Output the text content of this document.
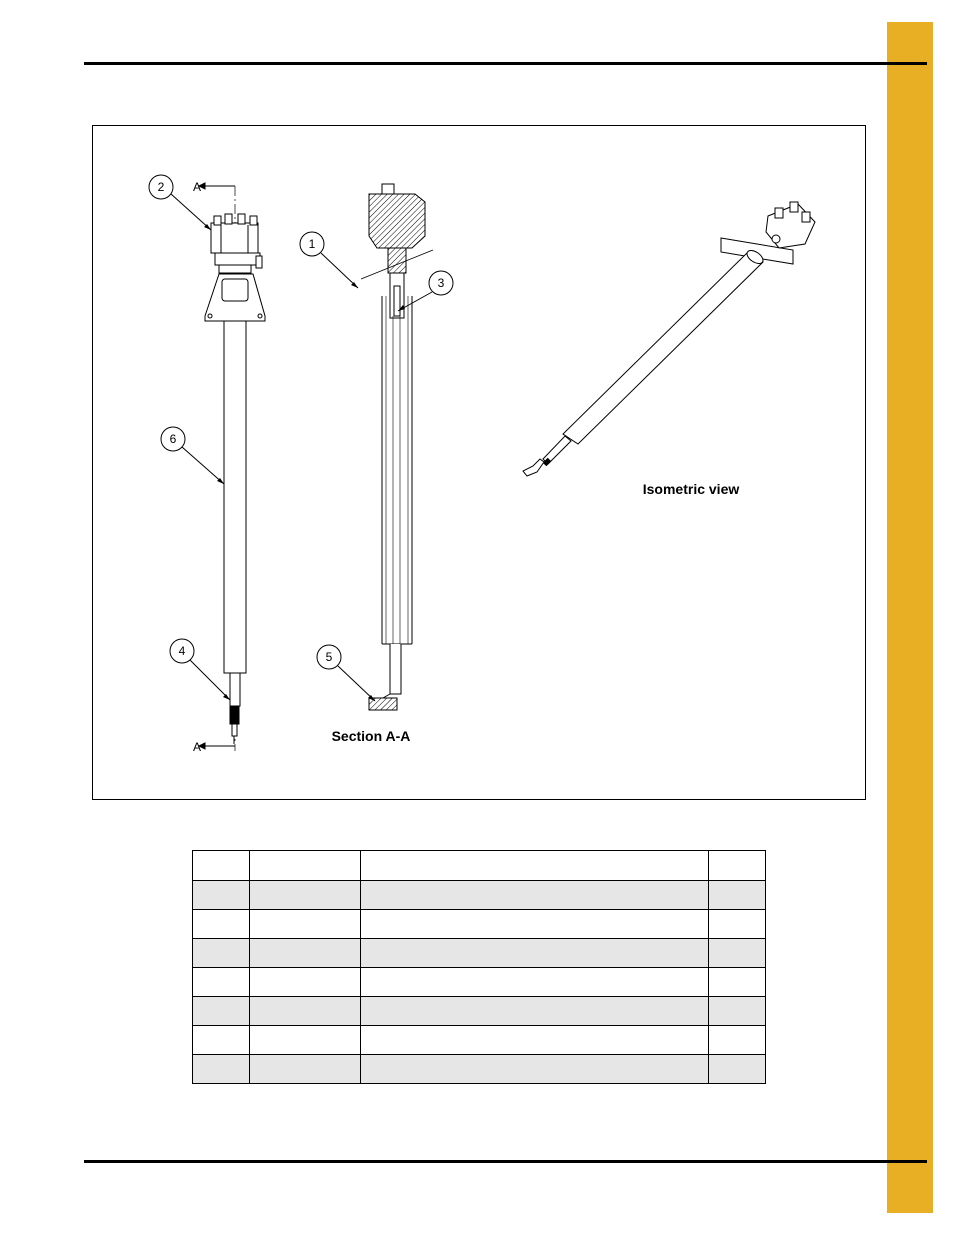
A
A
2
6
4
1
3
5
Section A-A
Isometric view
